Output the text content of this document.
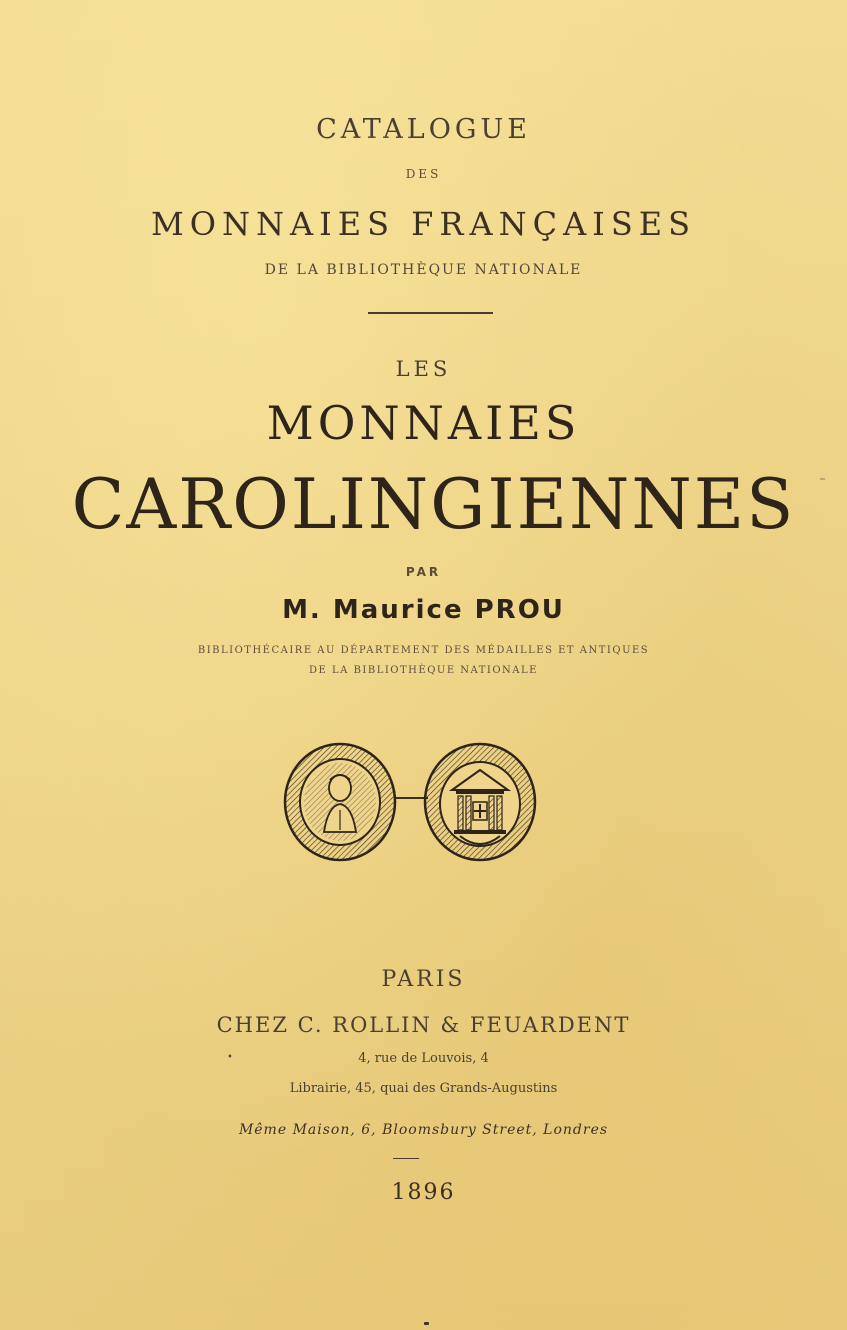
CATALOGUE
DES
MONNAIES FRANÇAISES
DE LA BIBLIOTHÈQUE NATIONALE
LES
MONNAIES
CAROLINGIENNES
PAR
M. Maurice PROU
BIBLIOTHÉCAIRE AU DÉPARTEMENT DES MÉDAILLES ET ANTIQUES
DE LA BIBLIOTHÈQUE NATIONALE
PARIS
CHEZ C. ROLLIN & FEUARDENT
•	4, rue de Louvois, 4
Librairie, 45, quai des Grands-Augustins
Même Maison, 6, Bloomsbury Street, Londres
1896
